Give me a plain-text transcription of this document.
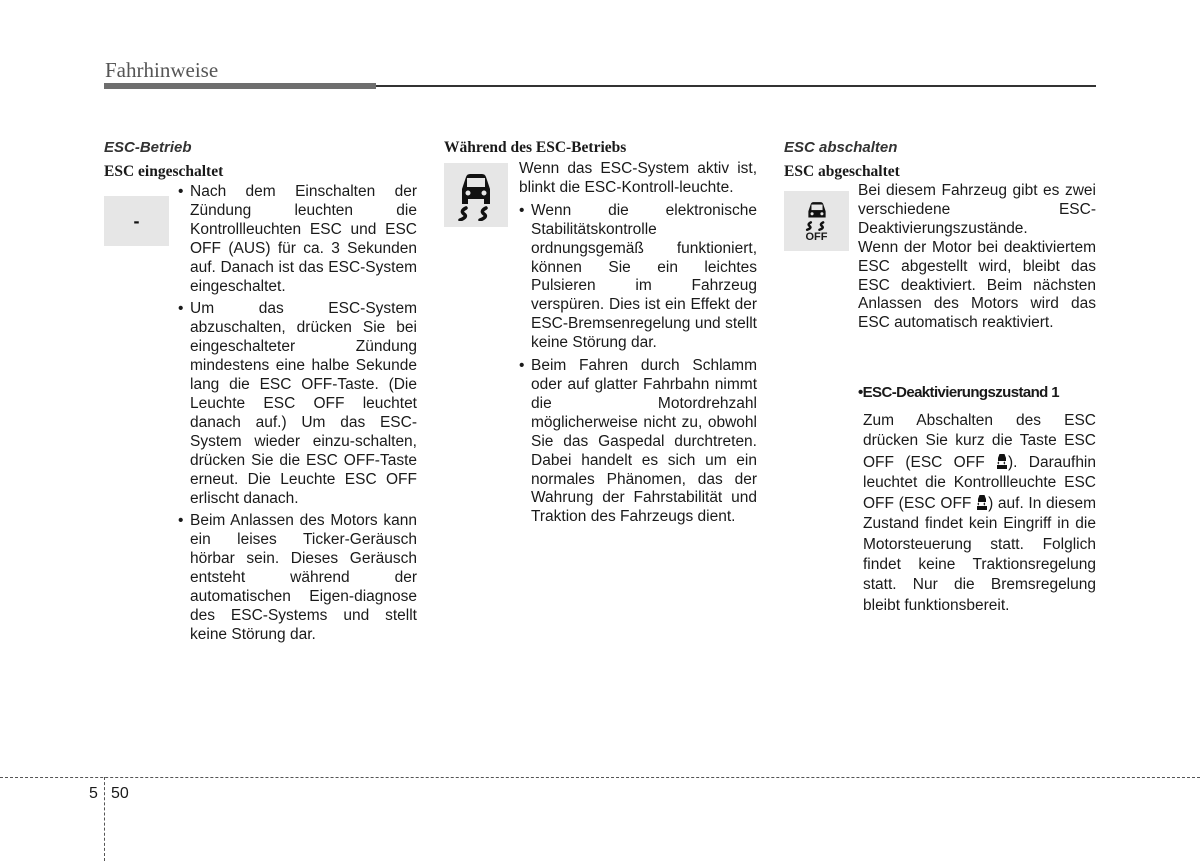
Fahrhinweise
ESC-Betrieb
ESC eingeschaltet
-
• Nach dem Einschalten der Zündung leuchten die Kontrollleuchten ESC und ESC OFF (AUS) für ca. 3 Sekunden auf. Danach ist das ESC-System eingeschaltet.
• Um das ESC-System abzuschalten, drücken Sie bei eingeschalteter Zündung mindestens eine halbe Sekunde lang die ESC OFF-Taste. (Die Leuchte ESC OFF leuchtet danach auf.) Um das ESC-System wieder einzu-schalten, drücken Sie die ESC OFF-Taste erneut. Die Leuchte ESC OFF erlischt danach.
• Beim Anlassen des Motors kann ein leises Ticker-Geräusch hörbar sein. Dieses Geräusch entsteht während der automatischen Eigen-diagnose des ESC-Systems und stellt keine Störung dar.
Während des ESC-Betriebs
Wenn das ESC-System aktiv ist, blinkt die ESC-Kontroll-leuchte.
• Wenn die elektronische Stabilitätskontrolle ordnungsgemäß funktioniert, können Sie ein leichtes Pulsieren im Fahrzeug verspüren. Dies ist ein Effekt der ESC-Bremsenregelung und stellt keine Störung dar.
• Beim Fahren durch Schlamm oder auf glatter Fahrbahn nimmt die Motordrehzahl möglicherweise nicht zu, obwohl Sie das Gaspedal durchtreten. Dabei handelt es sich um ein normales Phänomen, das der Wahrung der Fahrstabilität und Traktion des Fahrzeugs dient.
ESC abschalten
ESC abgeschaltet
OFF
Bei diesem Fahrzeug gibt es zwei verschiedene ESC-Deaktivierungszustände.
Wenn der Motor bei deaktiviertem ESC abgestellt wird, bleibt das ESC deaktiviert. Beim nächsten Anlassen des Motors wird das ESC automatisch reaktiviert.
•ESC-Deaktivierungszustand 1
Zum Abschalten des ESC drücken Sie kurz die Taste ESC OFF (ESC OFF ). Daraufhin leuchtet die Kontrollleuchte ESC OFF (ESC OFF ) auf. In diesem Zustand findet kein Eingriff in die Motorsteuerung statt. Folglich findet keine Traktionsregelung statt. Nur die Bremsregelung bleibt funktionsbereit.
5 50
